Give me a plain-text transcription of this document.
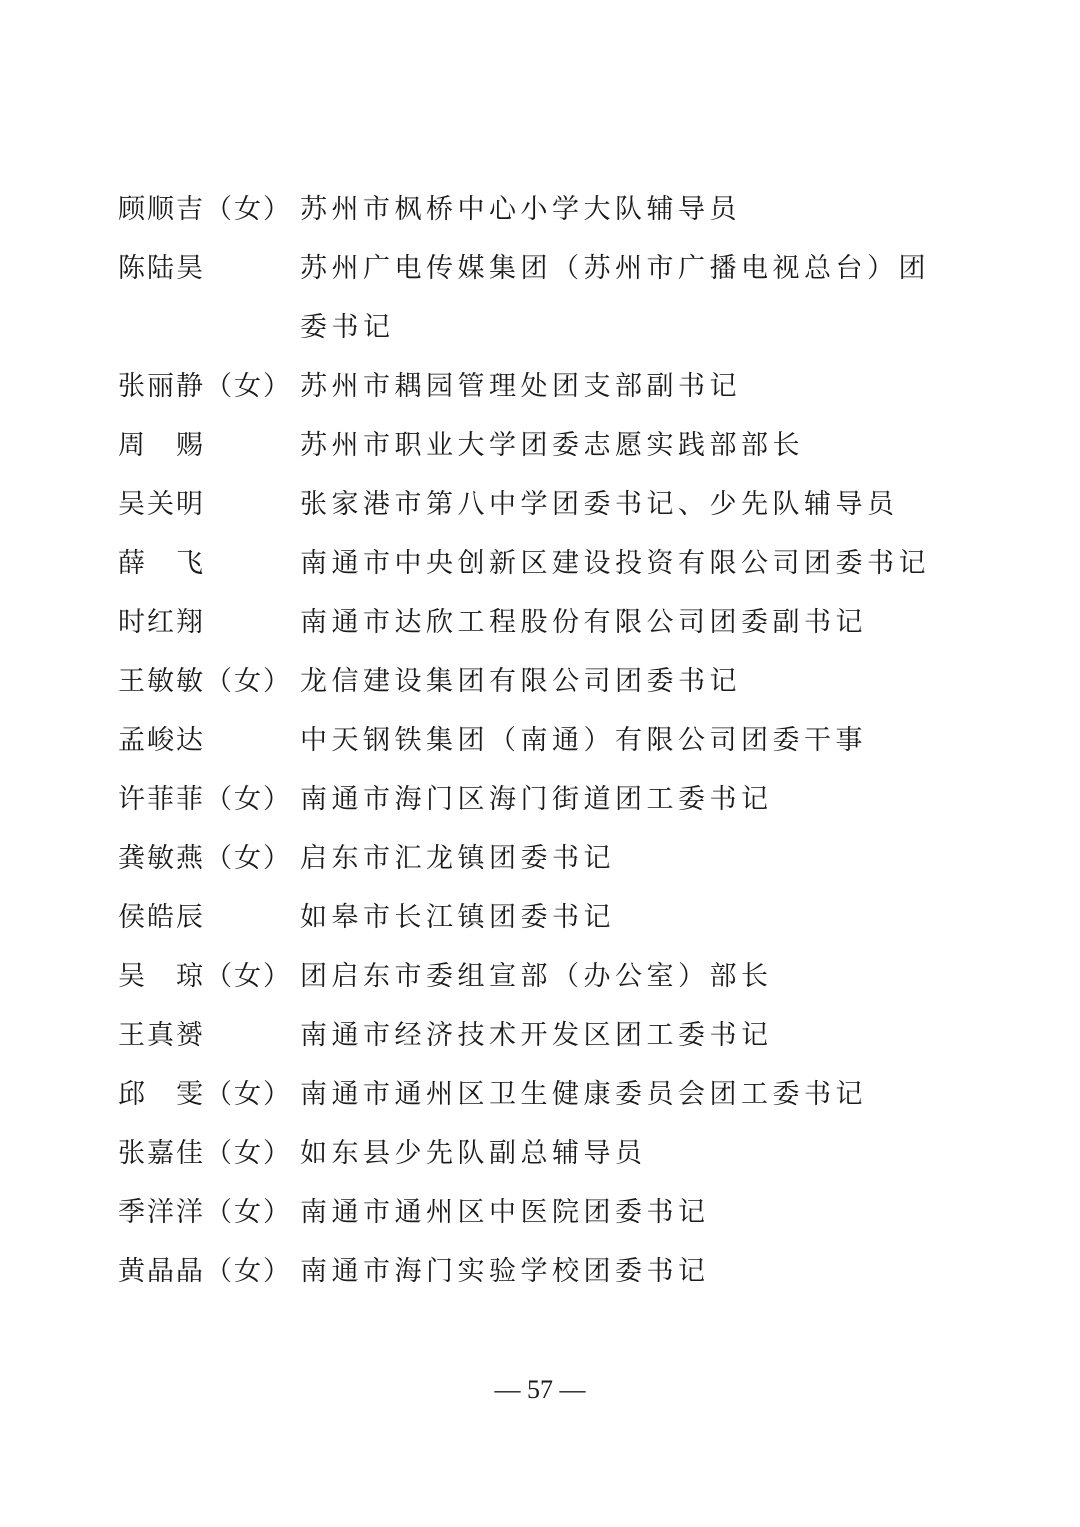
顾顺吉（女） 苏州市枫桥中心小学大队辅导员
陈陆昊	苏州广电传媒集团（苏州市广播电视总台）团委书记
张丽静（女） 苏州市耦园管理处团支部副书记
周　赐	苏州市职业大学团委志愿实践部部长
吴关明	张家港市第八中学团委书记、少先队辅导员
薛　飞	南通市中央创新区建设投资有限公司团委书记
时红翔	南通市达欣工程股份有限公司团委副书记
王敏敏（女） 龙信建设集团有限公司团委书记
孟峻达	中天钢铁集团（南通）有限公司团委干事
许菲菲（女） 南通市海门区海门街道团工委书记
龚敏燕（女） 启东市汇龙镇团委书记
侯皓辰	如皋市长江镇团委书记
吴　琼（女） 团启东市委组宣部（办公室）部长
王真赟	南通市经济技术开发区团工委书记
邱　雯（女） 南通市通州区卫生健康委员会团工委书记
张嘉佳（女） 如东县少先队副总辅导员
季洋洋（女） 南通市通州区中医院团委书记
黄晶晶（女） 南通市海门实验学校团委书记
— 57 —
